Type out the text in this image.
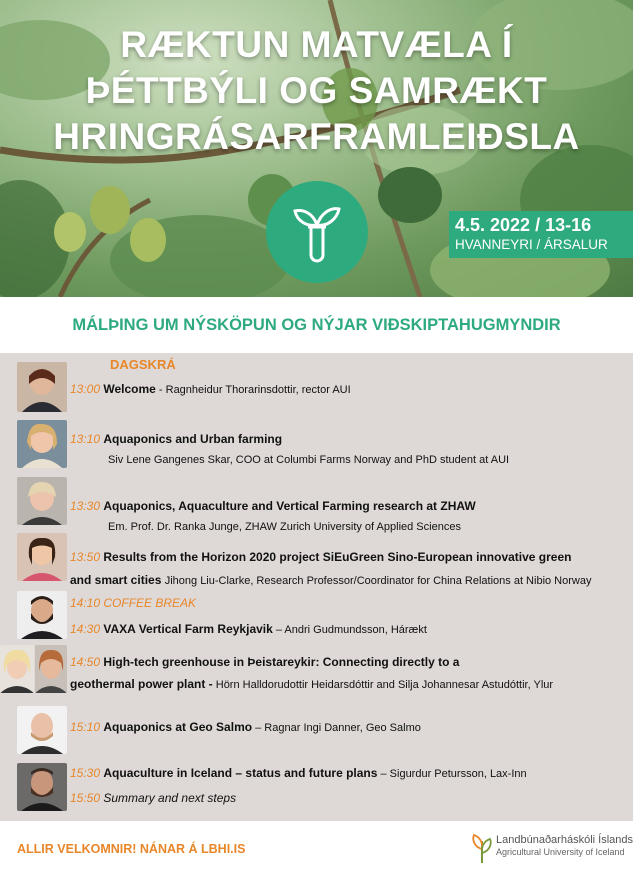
RÆKTUN MATVÆLA Í
ÞÉTTBÝLI OG SAMRÆKT
HRINGRÁSARFRAMLEIÐSLA
4.5. 2022 / 13-16
HVANNEYRI / ÁRSALUR
MÁLÞING UM NÝSKÖPUN OG NÝJAR VIÐSKIPTAHUGMYNDIR
DAGSKRÁ
13:00 Welcome - Ragnheidur Thorarinsdottir, rector AUI
13:10 Aquaponics and Urban farming
Siv Lene Gangenes Skar, COO at Columbi Farms Norway and PhD student at AUI
13:30 Aquaponics, Aquaculture and Vertical Farming research at ZHAW
Em. Prof. Dr. Ranka Junge, ZHAW Zurich University of Applied Sciences
13:50 Results from the Horizon 2020 project SiEuGreen Sino-European innovative green
and smart cities Jihong Liu-Clarke, Research Professor/Coordinator for China Relations at Nibio Norway
14:10 COFFEE BREAK
14:30 VAXA Vertical Farm Reykjavik – Andri Gudmundsson, Hárækt
14:50 High-tech greenhouse in Þeistareykir: Connecting directly to a
geothermal power plant - Hörn Halldorudottir Heidarsdóttir and Silja Johannesar Astudóttir, Ylur
15:10 Aquaponics at Geo Salmo – Ragnar Ingi Danner, Geo Salmo
15:30 Aquaculture in Iceland – status and future plans – Sigurdur Petursson, Lax-Inn
15:50 Summary and next steps
ALLIR VELKOMNIR! NÁNAR Á LBHI.IS
Landbúnaðarháskóli Íslands
Agricultural University of Iceland
